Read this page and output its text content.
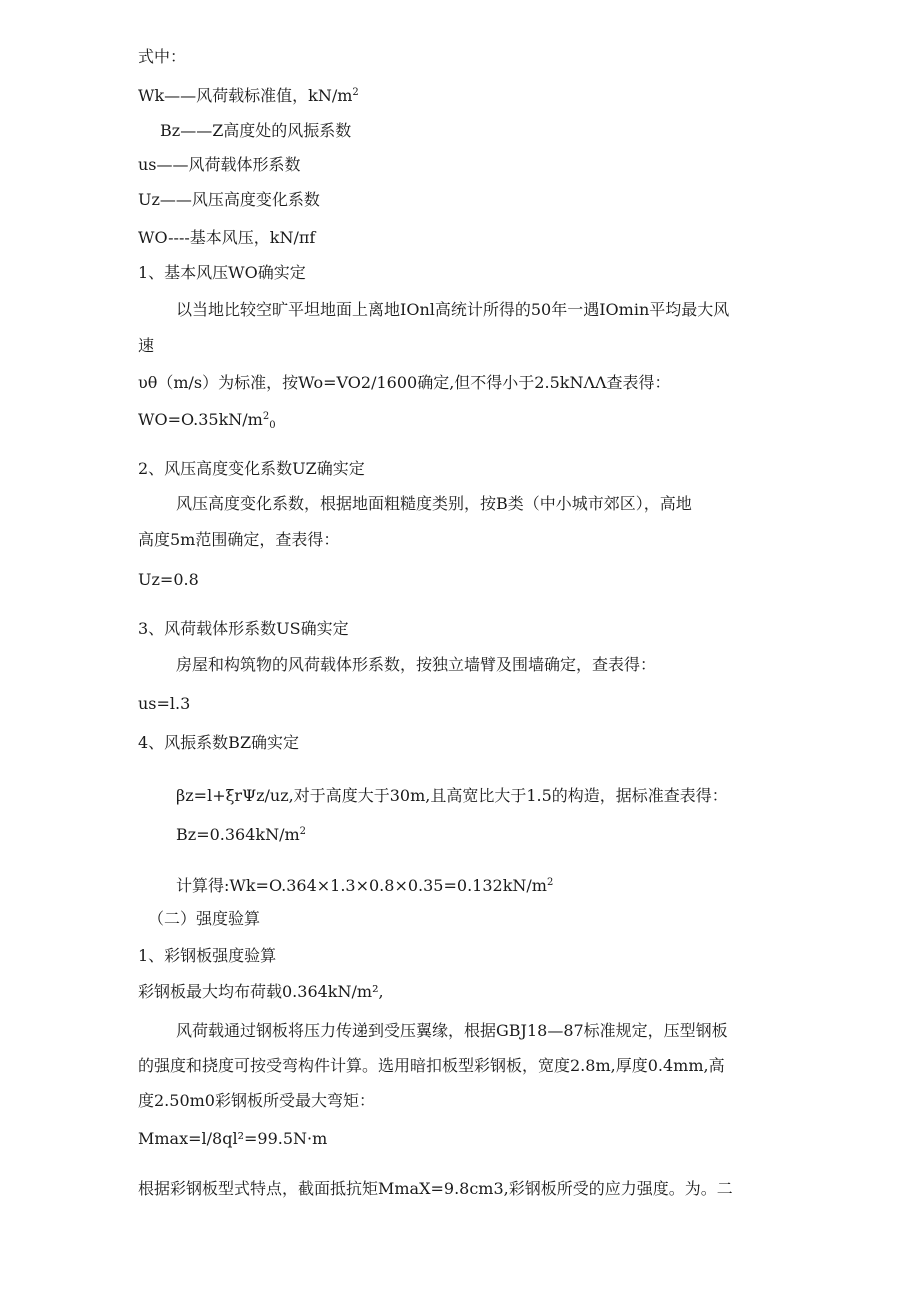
式中：
Wk——风荷载标准值，$kN/m^2$
Bz——Z高度处的风振系数
us——风荷载体形系数
Uz——风压高度变化系数
WO----基本风压，kN/πf
1、基本风压WO确实定
以当地比较空旷平坦地面上离地IOnl高统计所得的50年一遇IOmin平均最大风
速
υθ（m/s）为标准，按Wo=VO2/1600确定,但不得小于2.5kNΛΛ查表得：
$WO=O.35kN/m^2_0$
2、风压高度变化系数UZ确实定
风压高度变化系数，根据地面粗糙度类别，按B类（中小城市郊区），高地
高度5m范围确定，查表得：
Uz=0.8
3、风荷载体形系数US确实定
房屋和构筑物的风荷载体形系数，按独立墙臂及围墙确定，查表得：
us=l.3
4、风振系数BZ确实定
βz=l+ξrΨz/uz,对于高度大于30m,且高宽比大于1.5的构造，据标准查表得：
$Bz=0.364kN/m^2$
计算得$:Wk=O.364\times 1.3\times 0.8\times 0.35=0.132kN/m^2$
（二）强度验算
1、彩钢板强度验算
彩钢板最大均布荷载0.364kN/m²,
风荷载通过钢板将压力传递到受压翼缘，根据GBJ18—87标准规定，压型钢板
的强度和挠度可按受弯构件计算。选用暗扣板型彩钢板，宽度2.8m,厚度0.4mm,高
度2.50m0彩钢板所受最大弯矩：
Mmax=l/8ql²=99.5N·m
根据彩钢板型式特点，截面抵抗矩MmaX=9.8cm3,彩钢板所受的应力强度。为。二
